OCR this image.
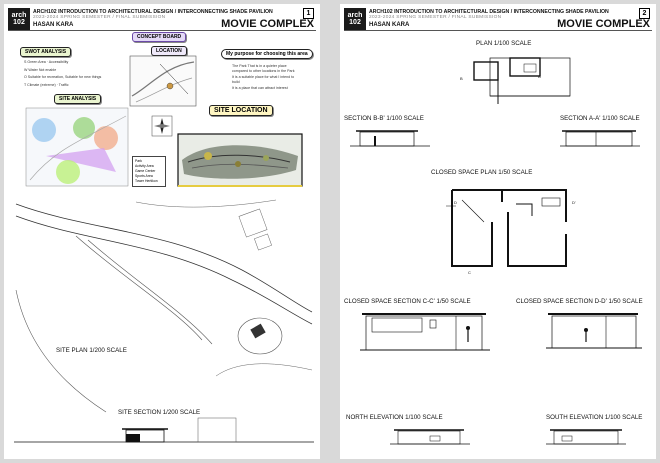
arch 102
ARCH102 INTRODUCTION TO ARCHITECTURAL DESIGN / INTERCONNECTING SHADE PAVILION
2023-2024 SPRING SEMESTER / FINAL SUBMISSION
HASAN KARA
1
MOVIE COMPLEX
SWOT ANALYSIS
S Green Area · Accessibility
W Water Not enable
O Suitable for recreation, Suitable for new things
T Climate (extreme) · Traffic
CONCEPT BOARD
LOCATION	My purpose for choosing this area
The Park That is in a quieter place compared to other locations in the Park
It is a suitable place for what I intend to build
It is a place that can attract interest
SITE ANALYSIS
Park
Activity Area
Game Center
Sports Area
Tower Hertikon
SITE LOCATION
SITE PLAN 1/200 SCALE
SITE SECTION 1/200 SCALE
arch 102
ARCH102 INTRODUCTION TO ARCHITECTURAL DESIGN / INTERCONNECTING SHADE PAVILION
2023-2024 SPRING SEMESTER / FINAL SUBMISSION
HASAN KARA
2
MOVIE COMPLEX
PLAN 1/100 SCALE
B	A
SECTION B-B' 1/100 SCALE	SECTION A-A' 1/100 SCALE
CLOSED SPACE PLAN 1/50 SCALE
D	D'
C
CLOSED SPACE SECTION C-C' 1/50 SCALE	CLOSED SPACE SECTION D-D' 1/50 SCALE
NORTH ELEVATION 1/100 SCALE	SOUTH ELEVATION 1/100 SCALE
